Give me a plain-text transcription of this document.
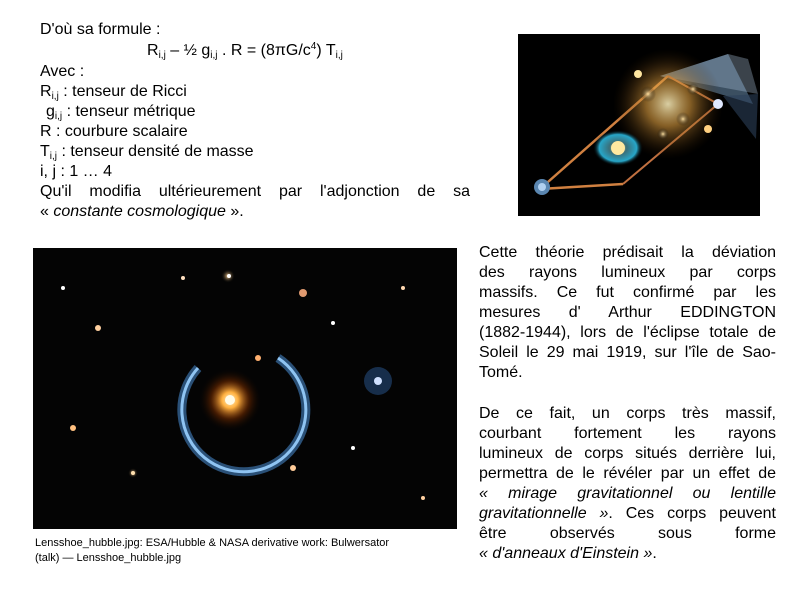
D'où sa formule :
$R_{i,j}$ – ½ $g_{i,j}$ . $R = (8\pi G/c^4)$ $T_{i,j}$
Avec :
$R_{i,j}$ : tenseur de Ricci
$g_{i,j}$ : tenseur métrique
R : courbure scalaire
$T_{i,j}$ : tenseur densité de masse
i, j : 1 … 4
Qu'il modifia ultérieurement par l'adjonction de sa
« constante cosmologique ».
Lensshoe_hubble.jpg: ESA/Hubble & NASA derivative work: Bulwersator
(talk) — Lensshoe_hubble.jpg
Cette théorie prédisait la déviation
des rayons lumineux par corps
massifs. Ce fut confirmé par les
mesures d' Arthur EDDINGTON
(1882-1944), lors de l'éclipse totale de
Soleil le 29 mai 1919, sur l'île de Sao-
Tomé.
De ce fait, un corps très massif,
courbant fortement les rayons
lumineux de corps situés derrière lui,
permettra de le révéler par un effet de
« mirage gravitationnel ou lentille
gravitationnelle ». Ces corps peuvent
être observés sous forme
« d'anneaux d'Einstein ».
